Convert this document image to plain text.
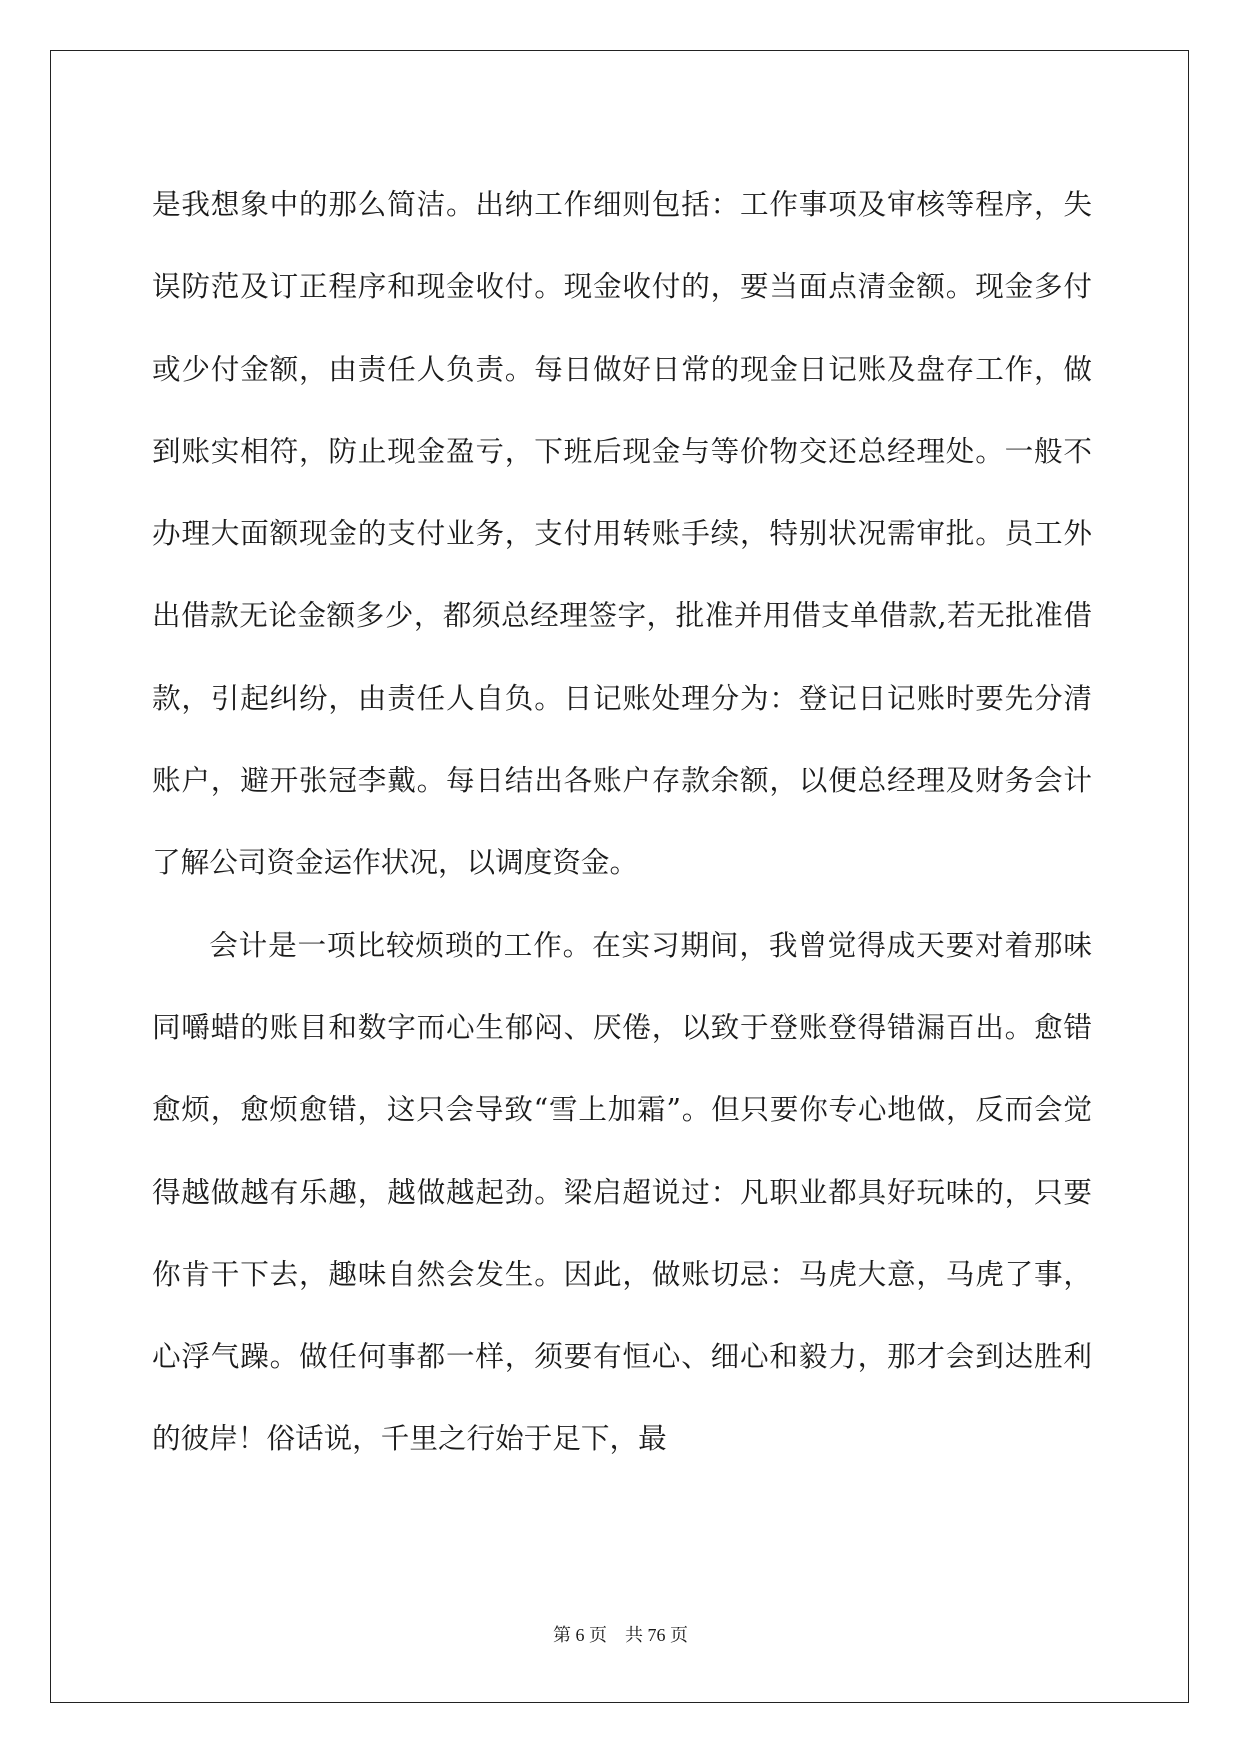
是我想象中的那么简洁。出纳工作细则包括：工作事项及审核等程序，失误防范及订正程序和现金收付。现金收付的，要当面点清金额。现金多付或少付金额，由责任人负责。每日做好日常的现金日记账及盘存工作，做到账实相符，防止现金盈亏，下班后现金与等价物交还总经理处。一般不办理大面额现金的支付业务，支付用转账手续，特别状况需审批。员工外出借款无论金额多少，都须总经理签字，批准并用借支单借款,若无批准借款，引起纠纷，由责任人自负。日记账处理分为：登记日记账时要先分清账户，避开张冠李戴。每日结出各账户存款余额，以便总经理及财务会计了解公司资金运作状况，以调度资金。

会计是一项比较烦琐的工作。在实习期间，我曾觉得成天要对着那味同嚼蜡的账目和数字而心生郁闷、厌倦，以致于登账登得错漏百出。愈错愈烦，愈烦愈错，这只会导致“雪上加霜”。但只要你专心地做，反而会觉得越做越有乐趣，越做越起劲。梁启超说过：凡职业都具好玩味的，只要你肯干下去，趣味自然会发生。因此，做账切忌：马虎大意，马虎了事，心浮气躁。做任何事都一样，须要有恒心、细心和毅力，那才会到达胜利的彼岸！俗话说，千里之行始于足下，最

第 6 页    共 76 页
